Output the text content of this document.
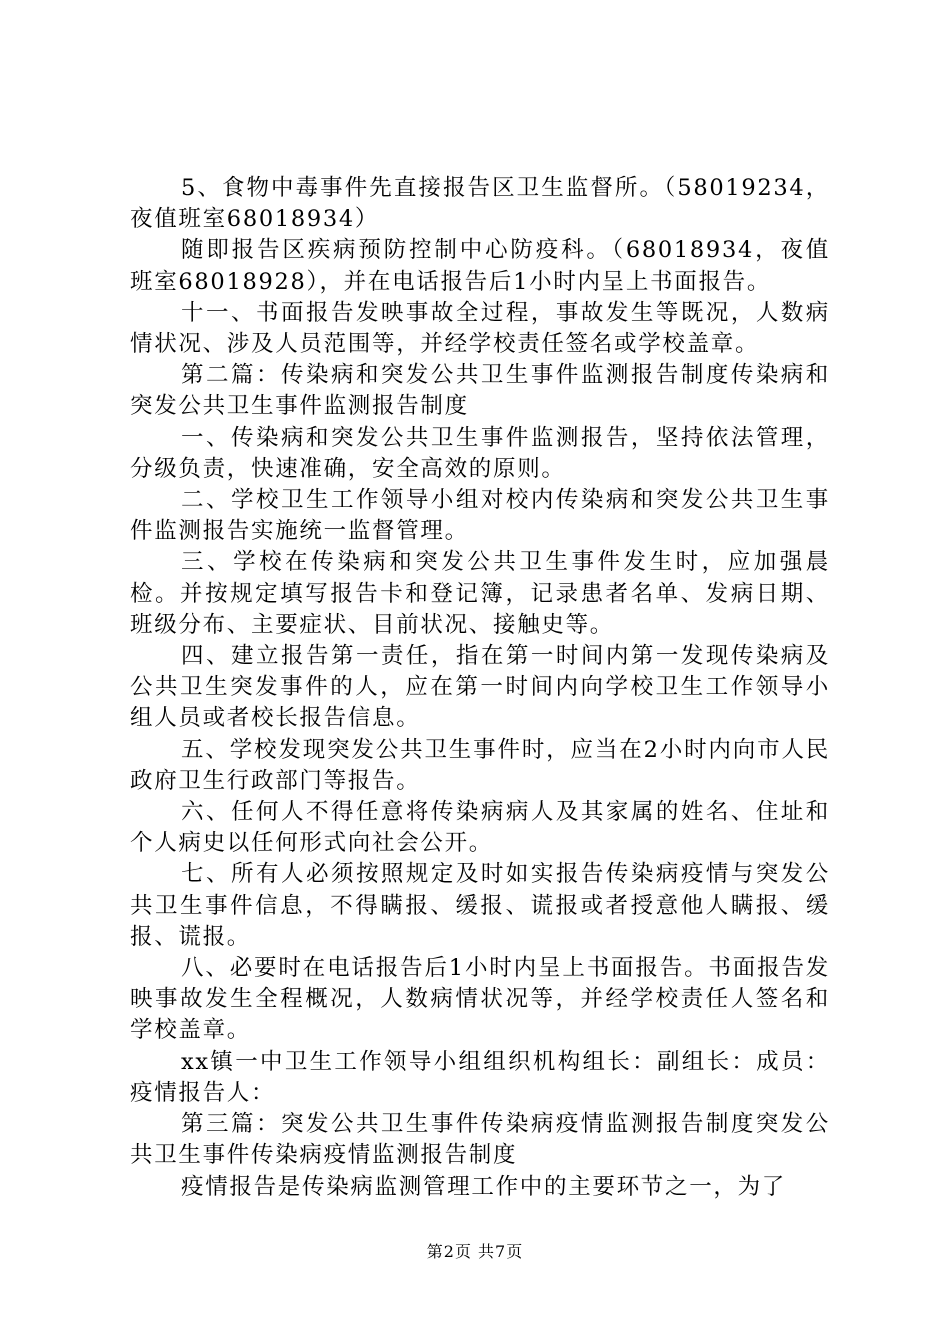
5、食物中毒事件先直接报告区卫生监督所。（58019234，夜值班室68018934）

随即报告区疾病预防控制中心防疫科。（68018934，夜值班室68018928），并在电话报告后1小时内呈上书面报告。

十一、书面报告发映事故全过程，事故发生等既况，人数病情状况、涉及人员范围等，并经学校责任签名或学校盖章。

第二篇：传染病和突发公共卫生事件监测报告制度传染病和突发公共卫生事件监测报告制度

一、传染病和突发公共卫生事件监测报告，坚持依法管理，分级负责，快速准确，安全高效的原则。

二、学校卫生工作领导小组对校内传染病和突发公共卫生事件监测报告实施统一监督管理。

三、学校在传染病和突发公共卫生事件发生时，应加强晨检。并按规定填写报告卡和登记簿，记录患者名单、发病日期、班级分布、主要症状、目前状况、接触史等。

四、建立报告第一责任，指在第一时间内第一发现传染病及公共卫生突发事件的人，应在第一时间内向学校卫生工作领导小组人员或者校长报告信息。

五、学校发现突发公共卫生事件时，应当在2小时内向市人民政府卫生行政部门等报告。

六、任何人不得任意将传染病病人及其家属的姓名、住址和个人病史以任何形式向社会公开。

七、所有人必须按照规定及时如实报告传染病疫情与突发公共卫生事件信息，不得瞒报、缓报、谎报或者授意他人瞒报、缓报、谎报。

八、必要时在电话报告后1小时内呈上书面报告。书面报告发映事故发生全程概况，人数病情状况等，并经学校责任人签名和学校盖章。

xx镇一中卫生工作领导小组组织机构组长：副组长：成员：疫情报告人：

第三篇：突发公共卫生事件传染病疫情监测报告制度突发公共卫生事件传染病疫情监测报告制度

疫情报告是传染病监测管理工作中的主要环节之一，为了

第2页 共7页
